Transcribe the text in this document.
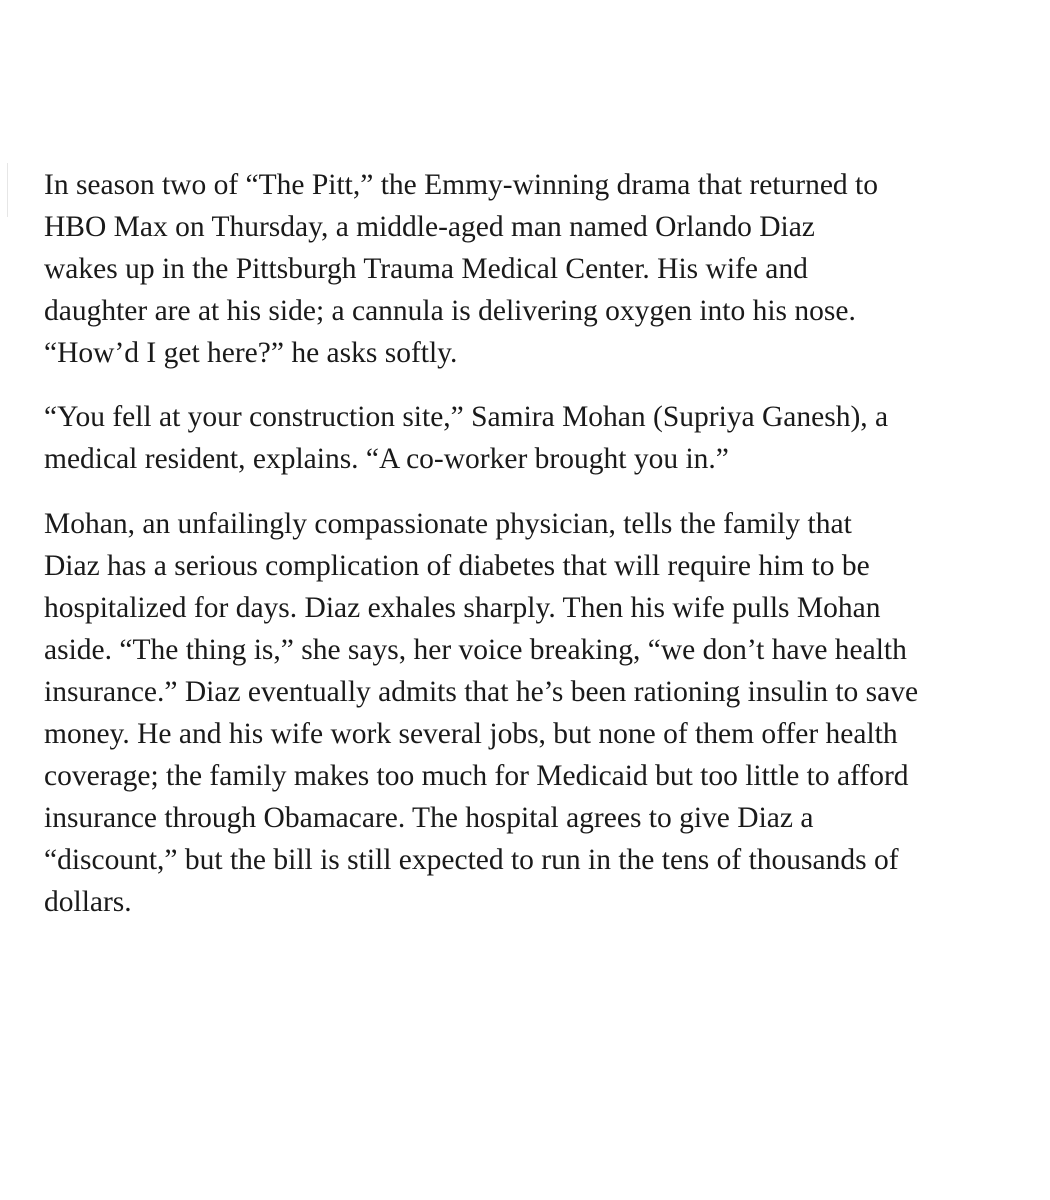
In season two of “The Pitt,” the Emmy-winning drama that returned to
HBO Max on Thursday, a middle-aged man named Orlando Diaz
wakes up in the Pittsburgh Trauma Medical Center. His wife and
daughter are at his side; a cannula is delivering oxygen into his nose.
“How’d I get here?” he asks softly.

“You fell at your construction site,” Samira Mohan (Supriya Ganesh), a
medical resident, explains. “A co-worker brought you in.”

Mohan, an unfailingly compassionate physician, tells the family that
Diaz has a serious complication of diabetes that will require him to be
hospitalized for days. Diaz exhales sharply. Then his wife pulls Mohan
aside. “The thing is,” she says, her voice breaking, “we don’t have health
insurance.” Diaz eventually admits that he’s been rationing insulin to save
money. He and his wife work several jobs, but none of them offer health
coverage; the family makes too much for Medicaid but too little to afford
insurance through Obamacare. The hospital agrees to give Diaz a
“discount,” but the bill is still expected to run in the tens of thousands of
dollars.
